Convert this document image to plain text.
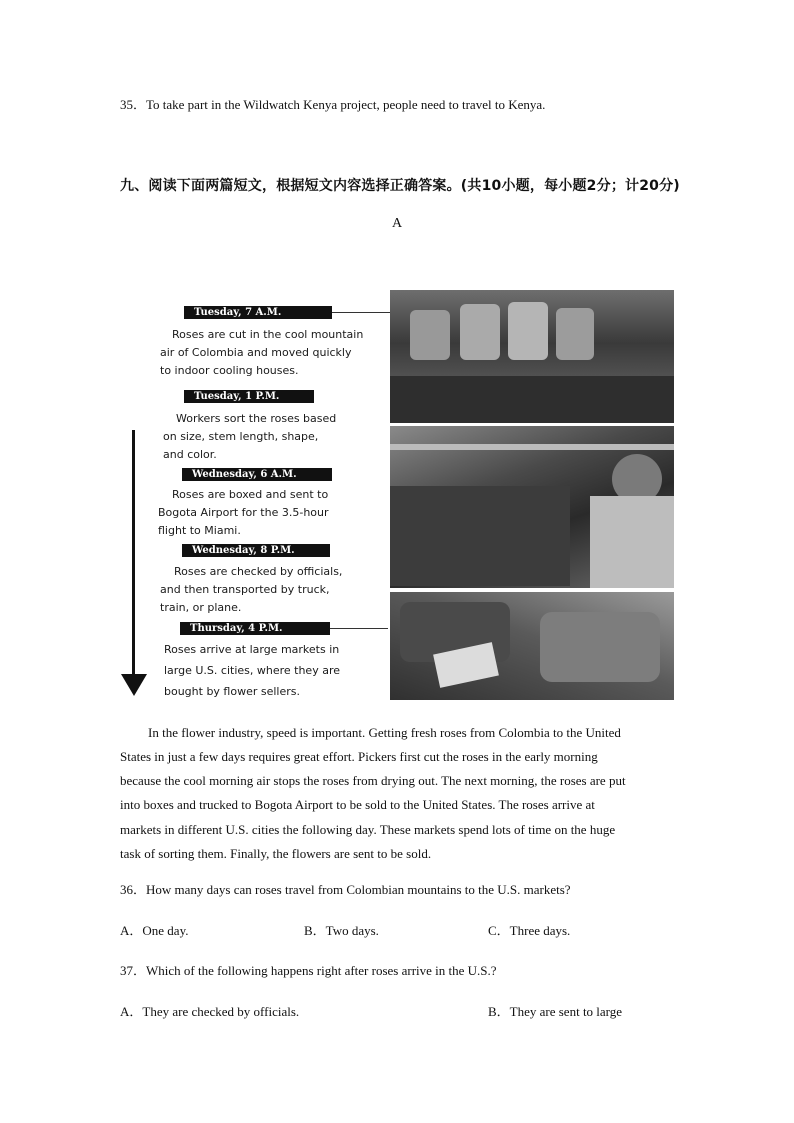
35．To take part in the Wildwatch Kenya project, people need to travel to Kenya.
九、阅读下面两篇短文，根据短文内容选择正确答案。(共10小题，每小题2分；计20分)
A
Tuesday, 7 A.M.
Roses are cut in the cool mountain
air of Colombia and moved quickly
to indoor cooling houses.
Tuesday, 1 P.M.
Workers sort the roses based
on size, stem length, shape,
and color.
Wednesday, 6 A.M.
Roses are boxed and sent to
Bogota Airport for the 3.5-hour
flight to Miami.
Wednesday, 8 P.M.
Roses are checked by officials,
and then transported by truck,
train, or plane.
Thursday, 4 P.M.
Roses arrive at large markets in
large U.S. cities, where they are
bought by flower sellers.
In the flower industry, speed is important. Getting fresh roses from Colombia to the United
States in just a few days requires great effort. Pickers first cut the roses in the early morning
because the cool morning air stops the roses from drying out. The next morning, the roses are put
into boxes and trucked to Bogota Airport to be sold to the United States. The roses arrive at
markets in different U.S. cities the following day. These markets spend lots of time on the huge
task of sorting them. Finally, the flowers are sent to be sold.
36．How many days can roses travel from Colombian mountains to the U.S. markets?
A．One day.	B．Two days.	C．Three days.
37．Which of the following happens right after roses arrive in the U.S.?
A．They are checked by officials.	B．They are sent to large
